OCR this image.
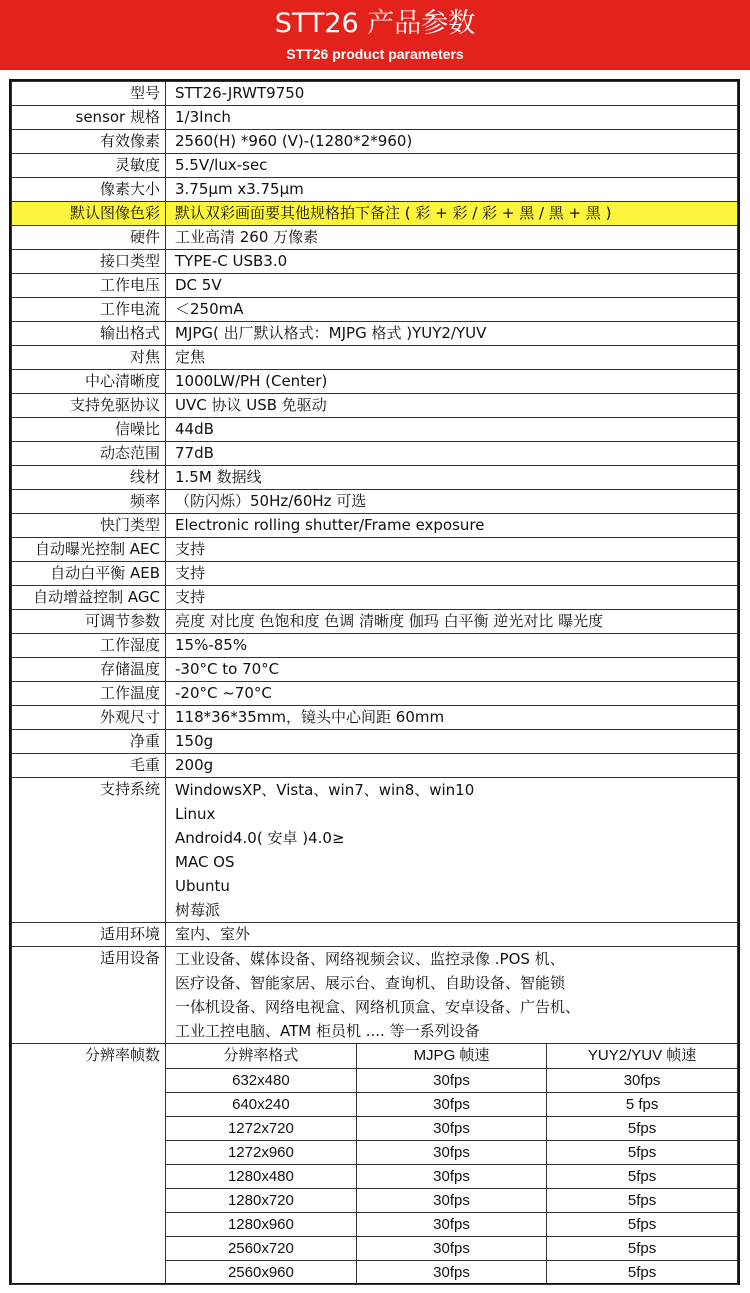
STT26 产品参数
STT26 product parameters
型号	STT26-JRWT9750
sensor 规格	1/3Inch
有效像素	2560(H) *960 (V)-(1280*2*960)
灵敏度	5.5V/lux-sec
像素大小	3.75μm x3.75μm
默认图像色彩	默认双彩画面要其他规格拍下备注 ( 彩 + 彩 / 彩 + 黑 / 黑 + 黑 )
硬件	工业高清 260 万像素
接口类型	TYPE-C USB3.0
工作电压	DC 5V
工作电流	＜250mA
输出格式	MJPG( 出厂默认格式：MJPG 格式 )YUY2/YUV
对焦	定焦
中心清晰度	1000LW/PH (Center)
支持免驱协议	UVC 协议 USB 免驱动
信噪比	44dB
动态范围	77dB
线材	1.5M 数据线
频率	（防闪烁）50Hz/60Hz 可选
快门类型	Electronic rolling shutter/Frame exposure
自动曝光控制 AEC	支持
自动白平衡 AEB	支持
自动增益控制 AGC	支持
可调节参数	亮度 对比度 色饱和度 色调 清晰度 伽玛 白平衡 逆光对比 曝光度
工作湿度	15%-85%
存储温度	-30°C to 70°C
工作温度	-20°C ~70°C
外观尺寸	118*36*35mm，镜头中心间距 60mm
净重	150g
毛重	200g
支持系统	WindowsXP、Vista、win7、win8、win10
Linux
Android4.0( 安卓 )4.0≥
MAC OS
Ubuntu
树莓派

适用环境	室内、室外
适用设备	工业设备、媒体设备、网络视频会议、监控录像 .POS 机、
医疗设备、智能家居、展示台、查询机、自助设备、智能锁
一体机设备、网络电视盒、网络机顶盒、安卓设备、广告机、
工业工控电脑、ATM 柜员机 .... 等一系列设备

分辨率帧数		分辨率格式	MJPG 帧速	YUY2/YUV 帧速
632x480	30fps	30fps
640x240	30fps	5 fps
1272x720	30fps	5fps
1272x960	30fps	5fps
1280x480	30fps	5fps
1280x720	30fps	5fps
1280x960	30fps	5fps
2560x720	30fps	5fps
2560x960	30fps	5fps
